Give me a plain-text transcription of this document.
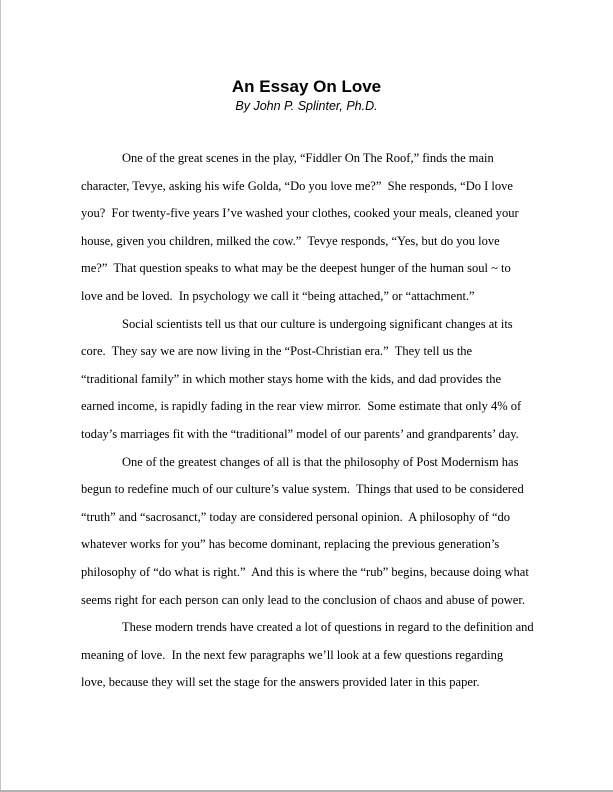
An Essay On Love
By John P. Splinter, Ph.D.
One of the great scenes in the play, “Fiddler On The Roof,” finds the main
character, Tevye, asking his wife Golda, “Do you love me?”  She responds, “Do I love
you?  For twenty-five years I’ve washed your clothes, cooked your meals, cleaned your
house, given you children, milked the cow.”  Tevye responds, “Yes, but do you love
me?”  That question speaks to what may be the deepest hunger of the human soul ~ to
love and be loved.  In psychology we call it “being attached,” or “attachment.”
Social scientists tell us that our culture is undergoing significant changes at its
core.  They say we are now living in the “Post-Christian era.”  They tell us the
“traditional family” in which mother stays home with the kids, and dad provides the
earned income, is rapidly fading in the rear view mirror.  Some estimate that only 4% of
today’s marriages fit with the “traditional” model of our parents’ and grandparents’ day.
One of the greatest changes of all is that the philosophy of Post Modernism has
begun to redefine much of our culture’s value system.  Things that used to be considered
“truth” and “sacrosanct,” today are considered personal opinion.  A philosophy of “do
whatever works for you” has become dominant, replacing the previous generation’s
philosophy of “do what is right.”  And this is where the “rub” begins, because doing what
seems right for each person can only lead to the conclusion of chaos and abuse of power.
These modern trends have created a lot of questions in regard to the definition and
meaning of love.  In the next few paragraphs we’ll look at a few questions regarding
love, because they will set the stage for the answers provided later in this paper.
